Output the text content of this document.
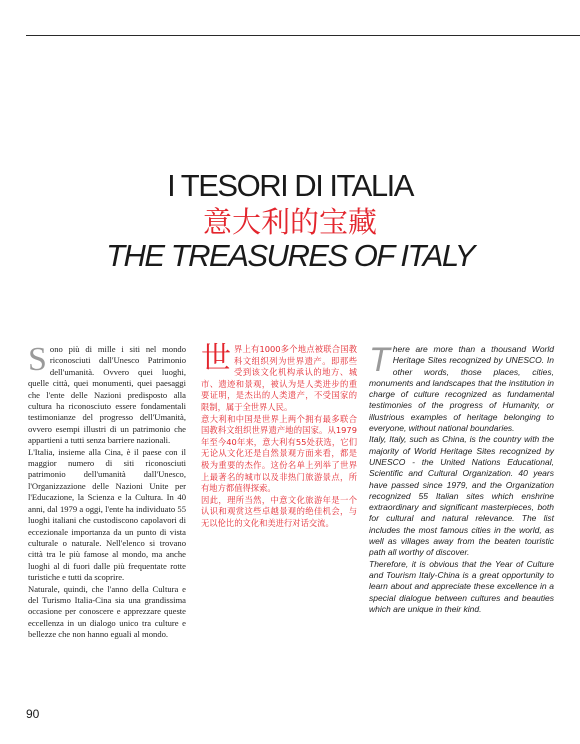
I TESORI DI ITALIA
意大利的宝藏
THE TREASURES OF ITALY

Sono più di mille i siti nel mondo riconosciuti dall'Unesco Patrimonio dell'umanità. Ovvero quei luoghi, quelle città, quei monumenti, quei paesaggi che l'ente delle Nazioni predisposto alla cultura ha riconosciuto essere fondamentali testimonianze del progresso dell'Umanità, ovvero esempi illustri di un patrimonio che appartieni a tutti senza barriere nazionali.

L'Italia, insieme alla Cina, è il paese con il maggior numero di siti riconosciuti patrimonio dell'umanità dall'Unesco, l'Organizzazione delle Nazioni Unite per l'Educazione, la Scienza e la Cultura. In 40 anni, dal 1979 a oggi, l'ente ha individuato 55 luoghi italiani che custodiscono capolavori di eccezionale importanza da un punto di vista culturale o naturale. Nell'elenco si trovano città tra le più famose al mondo, ma anche luoghi al di fuori dalle più frequentate rotte turistiche e tutti da scoprire.

Naturale, quindi, che l'anno della Cultura e del Turismo Italia-Cina sia una grandissima occasione per conoscere e apprezzare queste eccellenza in un dialogo unico tra culture e bellezze che non hanno eguali al mondo.

世界上有1000多个地点被联合国教科文组织列为世界遗产。即那些受到该文化机构承认的地方、城市、遗迹和景观，被认为是人类进步的重要证明，是杰出的人类遗产，不受国家的限制，属于全世界人民。

意大利和中国是世界上两个拥有最多联合国教科文组织世界遗产地的国家。从1979年至今40年来，意大利有55处获选，它们无论从文化还是自然景观方面来看，都是极为重要的杰作。这份名单上列举了世界上最著名的城市以及非热门旅游景点，所有地方都值得探索。

因此，理所当然，中意文化旅游年是一个认识和观赏这些卓越景观的绝佳机会，与无以伦比的文化和美进行对话交流。

There are more than a thousand World Heritage Sites recognized by UNESCO. In other words, those places, cities, monuments and landscapes that the institution in charge of culture recognized as fundamental testimonies of the progress of Humanity, or illustrious examples of heritage belonging to everyone, without national boundaries.

Italy, Italy, such as China, is the country with the majority of World Heritage Sites recognized by UNESCO - the United Nations Educational, Scientific and Cultural Organization. 40 years have passed since 1979, and the Organization recognized 55 Italian sites which enshrine extraordinary and significant masterpieces, both for cultural and natural relevance. The list includes the most famous cities in the world, as well as villages away from the beaten touristic path all worthy of discover.

Therefore, it is obvious that the Year of Culture and Tourism Italy-China is a great opportunity to learn about and appreciate these excellence in a special dialogue between cultures and beauties which are unique in their kind.

90
